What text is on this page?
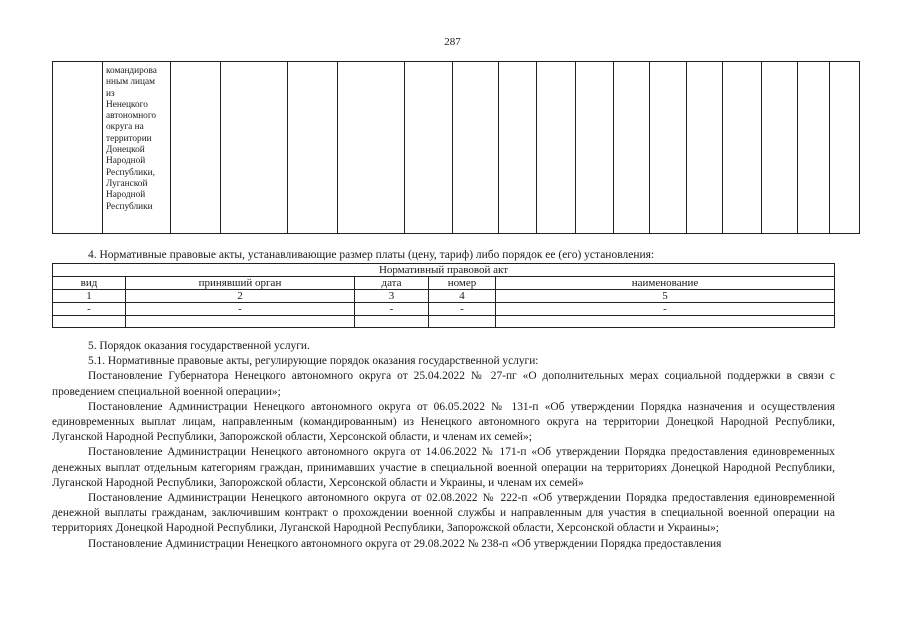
287

командирова
нным лицам
из
Ненецкого
автономного
округа на
территории
Донецкой
Народной
Республики,
Луганской
Народной
Республики

4. Нормативные правовые акты, устанавливающие размер платы (цену, тариф) либо порядок ее (его) установления:
Нормативный правовой акт				
вид	принявший орган	дата	номер	наименование
1	2	3	4	5
-	-	-	-	-

5. Порядок оказания государственной услуги.

5.1. Нормативные правовые акты, регулирующие порядок оказания государственной услуги:

Постановление Губернатора Ненецкого автономного округа от 25.04.2022 № 27-пг «О дополнительных мерах социальной поддержки в связи с проведением специальной военной операции»;

Постановление Администрации Ненецкого автономного округа от 06.05.2022 № 131-п «Об утверждении Порядка назначения и осуществления единовременных выплат лицам, направленным (командированным) из Ненецкого автономного округа на территории Донецкой Народной Республики, Луганской Народной Республики, Запорожской области, Херсонской области, и членам их семей»;

Постановление Администрации Ненецкого автономного округа от 14.06.2022 № 171-п «Об утверждении Порядка предоставления единовременных денежных выплат отдельным категориям граждан, принимавших участие в специальной военной операции на территориях Донецкой Народной Республики, Луганской Народной Республики, Запорожской области, Херсонской области и Украины, и членам их семей»

Постановление Администрации Ненецкого автономного округа от 02.08.2022 № 222-п «Об утверждении Порядка предоставления единовременной денежной выплаты гражданам, заключившим контракт о прохождении военной службы и направленным для участия в специальной военной операции на территориях Донецкой Народной Республики, Луганской Народной Республики, Запорожской области, Херсонской области и Украины»;

Постановление Администрации Ненецкого автономного округа от 29.08.2022 № 238-п «Об утверждении Порядка предоставления
